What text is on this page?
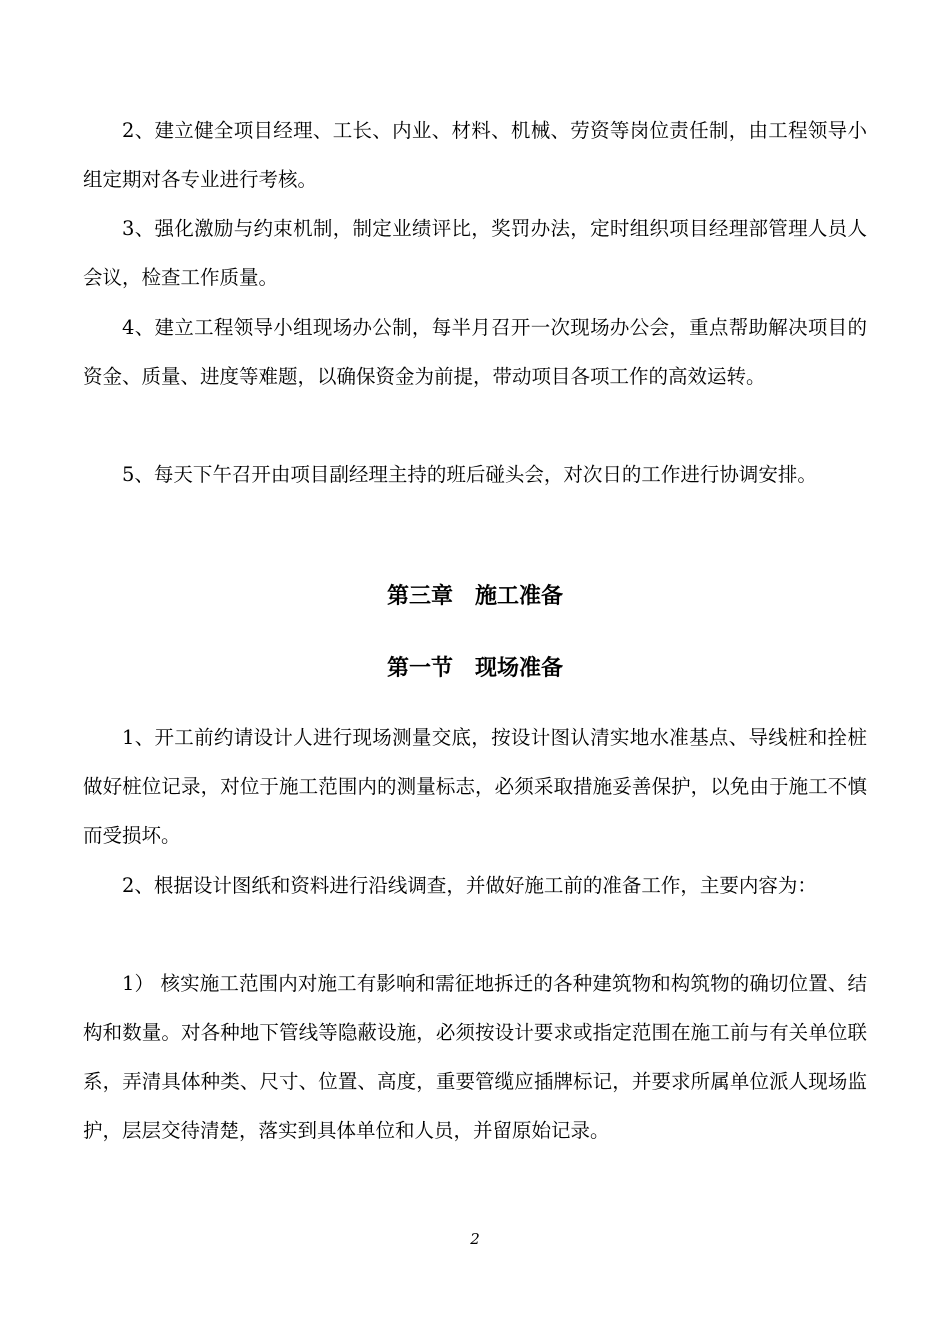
2、建立健全项目经理、工长、内业、材料、机械、劳资等岗位责任制，由工程领导小组定期对各专业进行考核。

3、强化激励与约束机制，制定业绩评比，奖罚办法，定时组织项目经理部管理人员人会议，检查工作质量。

4、建立工程领导小组现场办公制，每半月召开一次现场办公会，重点帮助解决项目的资金、质量、进度等难题，以确保资金为前提，带动项目各项工作的高效运转。

5、每天下午召开由项目副经理主持的班后碰头会，对次日的工作进行协调安排。

第三章 施工准备
第一节 现场准备

1、开工前约请设计人进行现场测量交底，按设计图认清实地水准基点、导线桩和拴桩做好桩位记录，对位于施工范围内的测量标志，必须采取措施妥善保护，以免由于施工不慎而受损坏。

2、根据设计图纸和资料进行沿线调查，并做好施工前的准备工作，主要内容为：

1） 核实施工范围内对施工有影响和需征地拆迁的各种建筑物和构筑物的确切位置、结构和数量。对各种地下管线等隐蔽设施，必须按设计要求或指定范围在施工前与有关单位联系，弄清具体种类、尺寸、位置、高度，重要管缆应插牌标记，并要求所属单位派人现场监护，层层交待清楚，落实到具体单位和人员，并留原始记录。

2
